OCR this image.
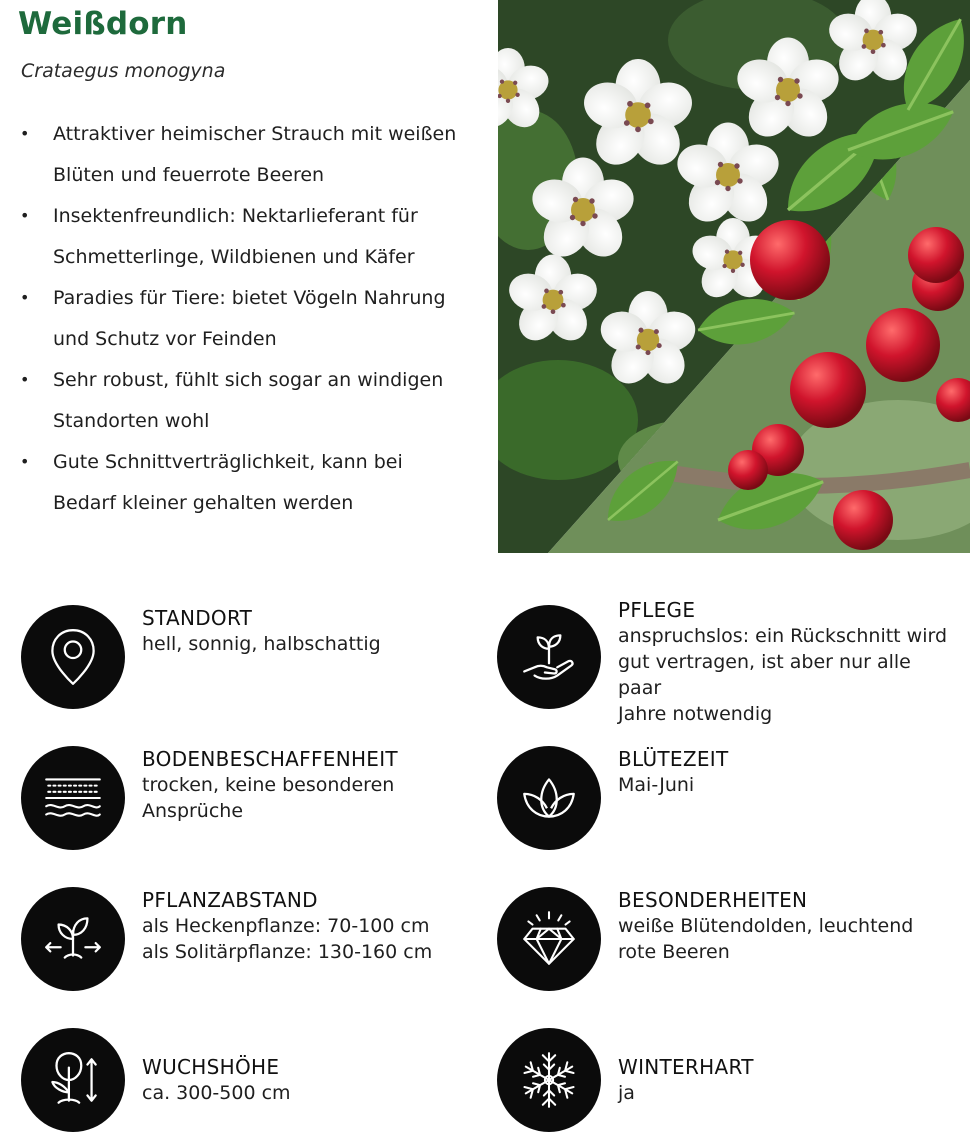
Weißdorn

Crataegus monogyna

• Attraktiver heimischer Strauch mit weißen
Blüten und feuerrote Beeren
• Insektenfreundlich: Nektarlieferant für
Schmetterlinge, Wildbienen und Käfer
• Paradies für Tiere: bietet Vögeln Nahrung
und Schutz vor Feinden
• Sehr robust, fühlt sich sogar an windigen
Standorten wohl
• Gute Schnittverträglichkeit, kann bei
Bedarf kleiner gehalten werden
STANDORT
hell, sonnig, halbschattig
PFLEGE
anspruchslos: ein Rückschnitt wird
gut vertragen, ist aber nur alle paar
Jahre notwendig
BODENBESCHAFFENHEIT
trocken, keine besonderen
Ansprüche
BLÜTEZEIT
Mai-Juni
PFLANZABSTAND
als Heckenpflanze: 70-100 cm
als Solitärpflanze: 130-160 cm
BESONDERHEITEN
weiße Blütendolden, leuchtend
rote Beeren
WUCHSHÖHE
ca. 300-500 cm
WINTERHART
ja
